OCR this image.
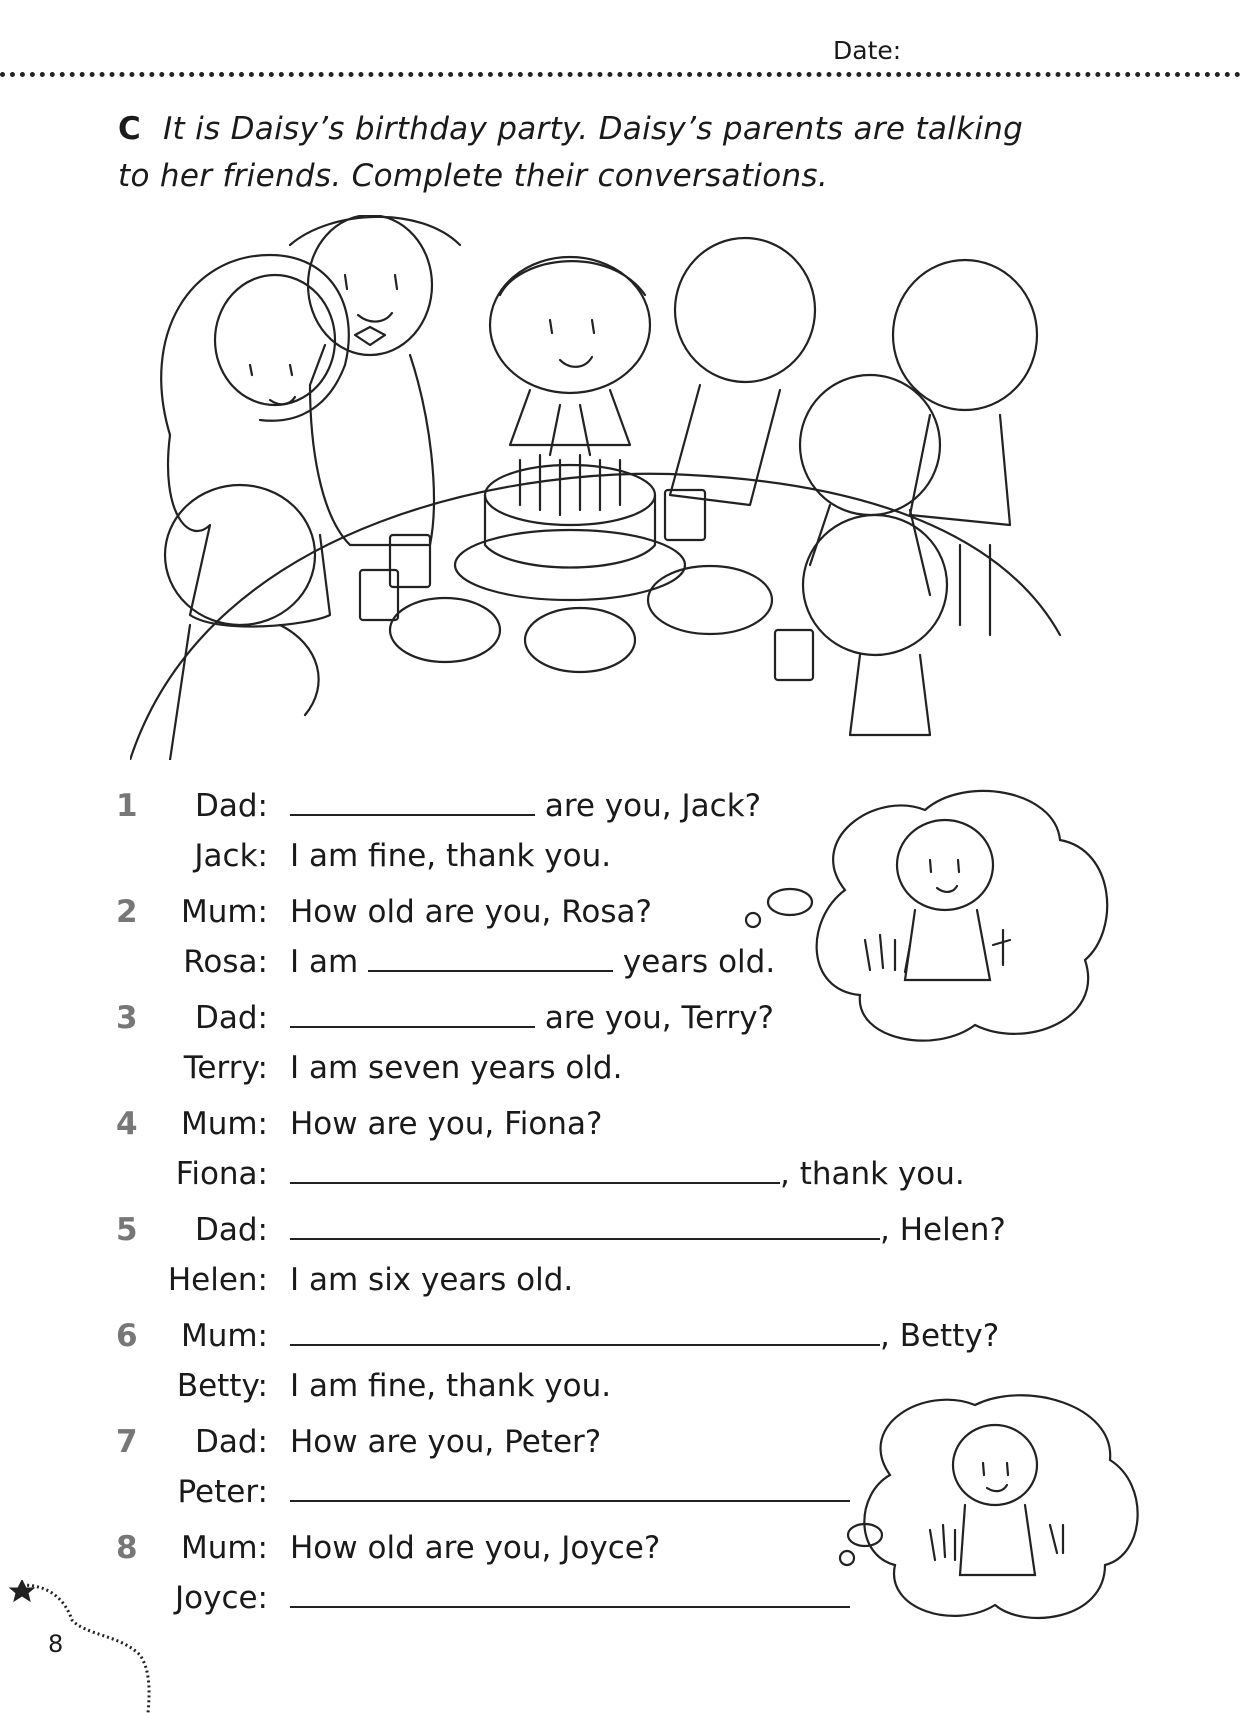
Date:
C It is Daisy’s birthday party. Daisy’s parents are talking
to her friends. Complete their conversations.
1	Dad:	are you, Jack?
Jack: I am fine, thank you.
2	Mum: How old are you, Rosa?
Rosa: I am	years old.
3	Dad:	are you, Terry?
Terry: I am seven years old.
4	Mum: How are you, Fiona?
Fiona:	, thank you.
5	Dad:	, Helen?
Helen: I am six years old.
6	Mum:	, Betty?
Betty: I am fine, thank you.
7	Dad: How are you, Peter?
Peter:
8	Mum: How old are you, Joyce?
Joyce:
8
